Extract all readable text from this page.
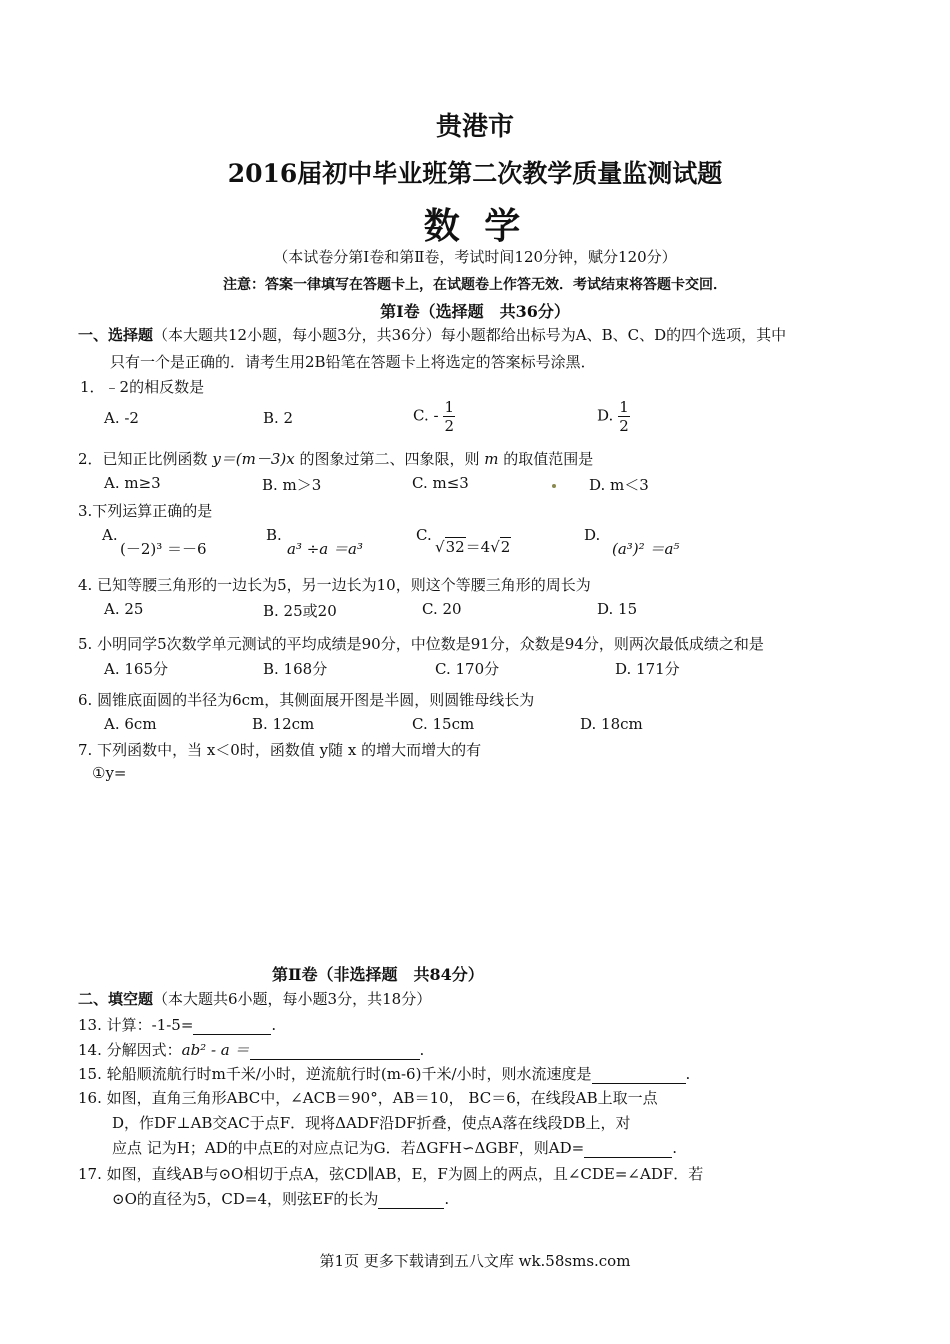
贵港市
2016届初中毕业班第二次教学质量监测试题
数 学
（本试卷分第Ⅰ卷和第Ⅱ卷，考试时间120分钟，赋分120分）
注意：答案一律填写在答题卡上，在试题卷上作答无效．考试结束将答题卡交回．
第Ⅰ卷（选择题　共36分）
一、选择题（本大题共12小题，每小题3分，共36分）每小题都给出标号为A、B、C、D的四个选项，其中
只有一个是正确的．请考生用2B铅笔在答题卡上将选定的答案标号涂黑．
1．﹣2的相反数是
A. -2	B. 2	C. - $\frac{1}{2}$	D. $\frac{1}{2}$
2．已知正比例函数 y＝(m－3)x 的图象过第二、四象限，则 m 的取值范围是
A. m≥3	B. m＞3	C. m≤3	D. m＜3
3.下列运算正确的是
A.
(－2)³ ＝－6
B.
a³ ÷a ＝a³
C.
√32＝4√2
D.
(a³)² ＝a⁵
4. 已知等腰三角形的一边长为5，另一边长为10，则这个等腰三角形的周长为
A. 25	B. 25或20	C. 20	D. 15
5. 小明同学5次数学单元测试的平均成绩是90分，中位数是91分，众数是94分，则两次最低成绩之和是
A. 165分	B. 168分	C. 170分	D. 171分
6. 圆锥底面圆的半径为6cm，其侧面展开图是半圆，则圆锥母线长为
A. 6cm	B. 12cm	C. 15cm	D. 18cm
7. 下列函数中，当 x＜0时，函数值 y随 x 的增大而增大的有
①y=
第Ⅱ卷（非选择题　共84分）
二、填空题（本大题共6小题，每小题3分，共18分）
13. 计算：-1-5=	.
14. 分解因式：ab² - a ＝	.
15. 轮船顺流航行时m千米/小时，逆流航行时(m-6)千米/小时，则水流速度是	.
16. 如图，直角三角形ABC中，∠ACB＝90°，AB＝10， BC＝6，在线段AB上取一点
D，作DF⊥AB交AC于点F．现将ΔADF沿DF折叠，使点A落在线段DB上，对
应点 记为H；AD的中点E的对应点记为G．若ΔGFH∽ΔGBF，则AD=	.
17. 如图，直线AB与⊙O相切于点A，弦CD∥AB，E，F为圆上的两点，且∠CDE=∠ADF．若
⊙O的直径为5，CD=4，则弦EF的长为	.
第1页 更多下载请到五八文库 wk.58sms.com
